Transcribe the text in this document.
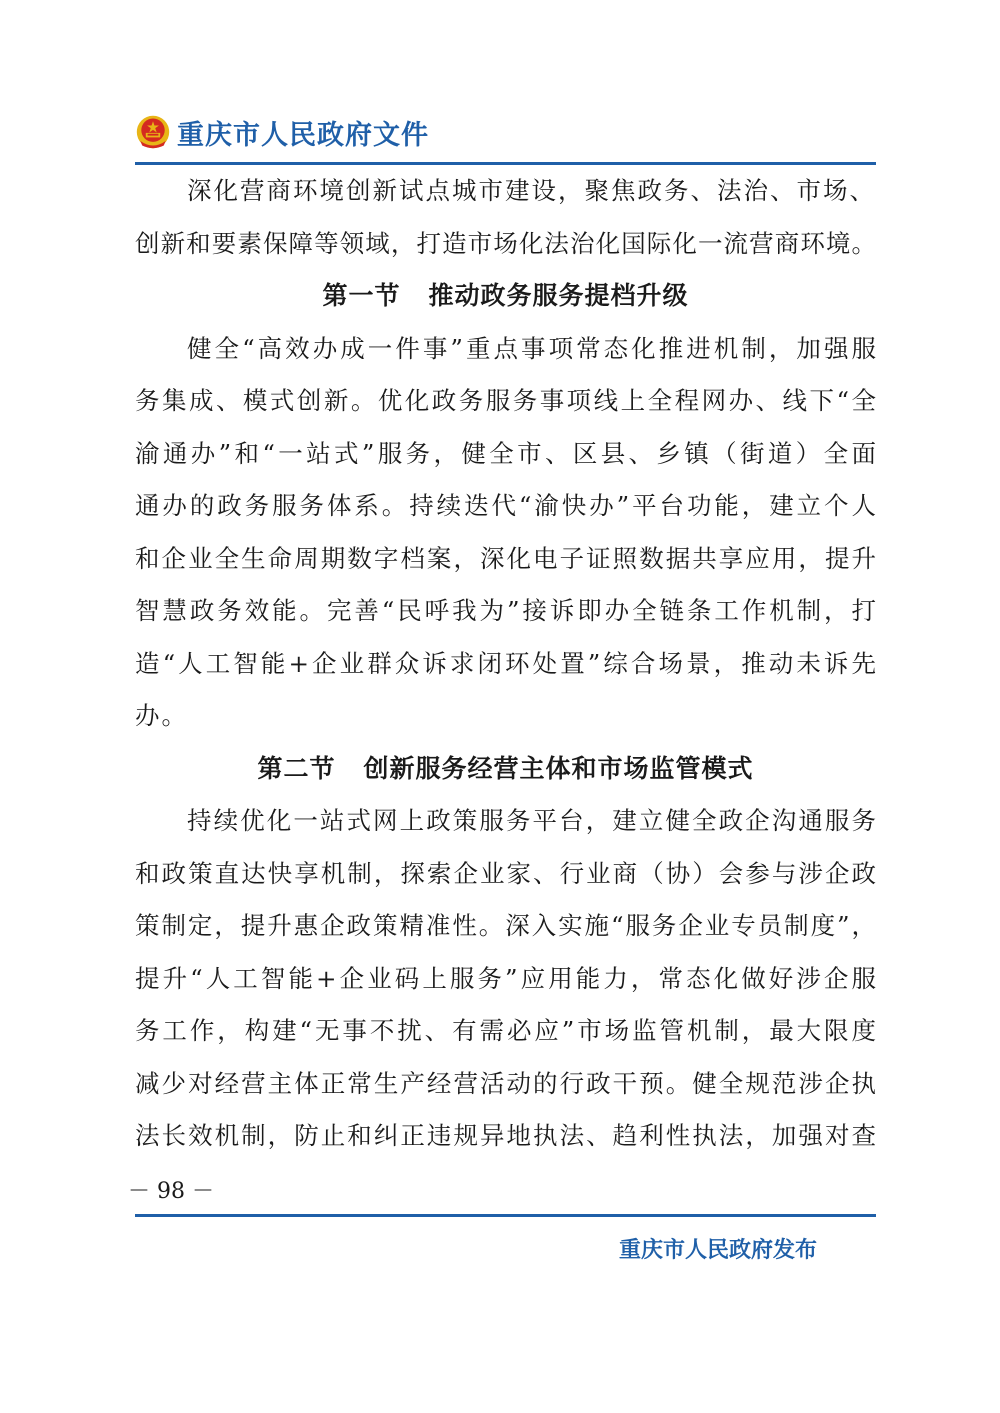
重庆市人民政府文件
深化营商环境创新试点城市建设，聚焦政务、法治、市场、
创新和要素保障等领域，打造市场化法治化国际化一流营商环境。
第一节 推动政务服务提档升级
健全“高效办成一件事”重点事项常态化推进机制，加强服
务集成、模式创新。优化政务服务事项线上全程网办、线下“全
渝通办”和“一站式”服务，健全市、区县、乡镇（街道）全面
通办的政务服务体系。持续迭代“渝快办”平台功能，建立个人
和企业全生命周期数字档案，深化电子证照数据共享应用，提升
智慧政务效能。完善“民呼我为”接诉即办全链条工作机制，打
造“人工智能+企业群众诉求闭环处置”综合场景，推动未诉先
办。
第二节 创新服务经营主体和市场监管模式
持续优化一站式网上政策服务平台，建立健全政企沟通服务
和政策直达快享机制，探索企业家、行业商（协）会参与涉企政
策制定，提升惠企政策精准性。深入实施“服务企业专员制度”，
提升“人工智能+企业码上服务”应用能力，常态化做好涉企服
务工作，构建“无事不扰、有需必应”市场监管机制，最大限度
减少对经营主体正常生产经营活动的行政干预。健全规范涉企执
法长效机制，防止和纠正违规异地执法、趋利性执法，加强对查
－ 98 －
重庆市人民政府发布
